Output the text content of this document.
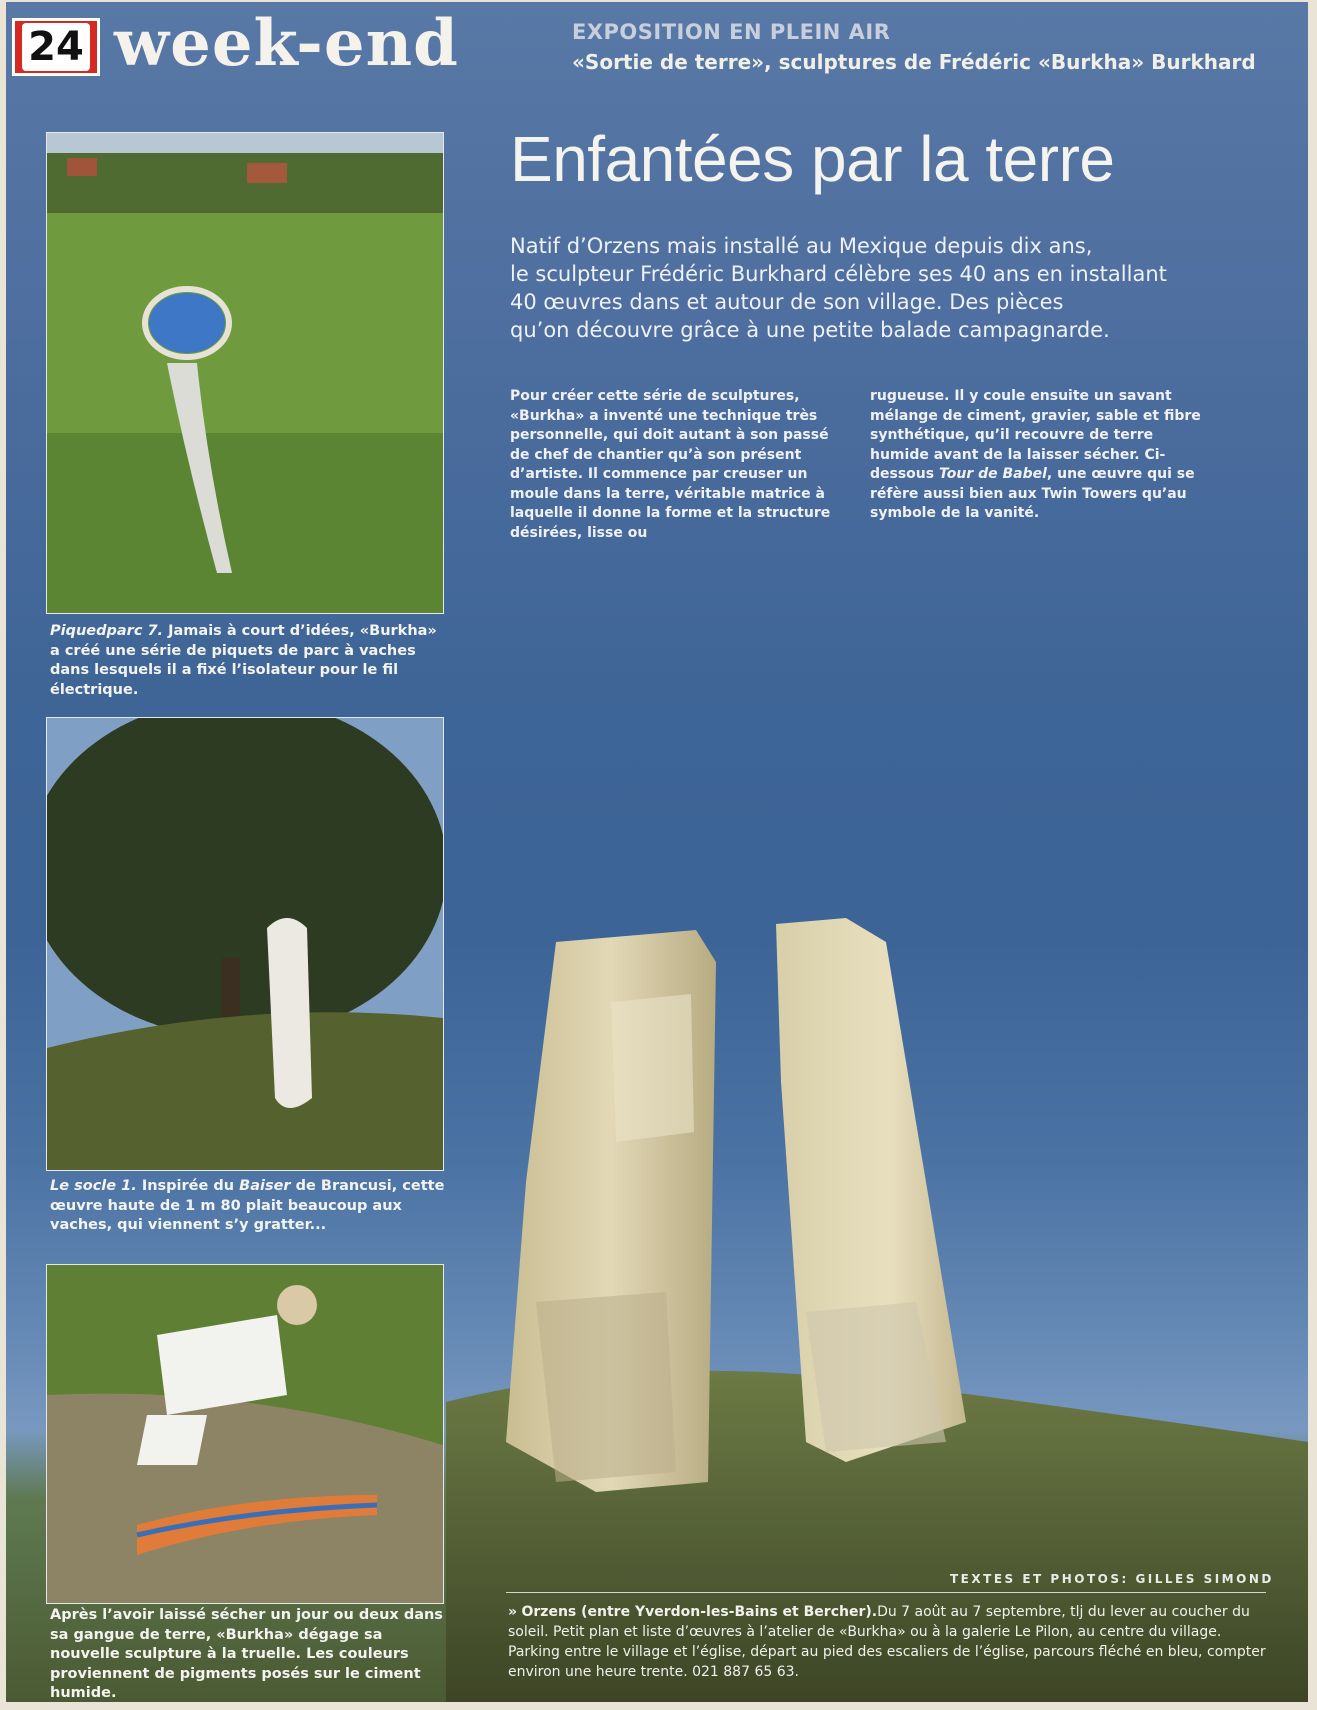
24 week-end	EXPOSITION EN PLEIN AIR
«Sortie de terre», sculptures de Frédéric «Burkha» Burkhard
Enfantées par la terre

Natif d’Orzens mais installé au Mexique depuis dix ans,

le sculpteur Frédéric Burkhard célèbre ses 40 ans en installant

40 œuvres dans et autour de son village. Des pièces

qu’on découvre grâce à une petite balade campagnarde.

Pour créer cette série de sculptures, «Burkha» a inventé une technique très personnelle, qui doit autant à son passé de chef de chantier qu’à son présent d’artiste. Il commence par creuser un moule dans la terre, véritable matrice à laquelle il donne la forme et la structure désirées, lisse ou
rugueuse. Il y coule ensuite un savant mélange de ciment, gravier, sable et fibre synthétique, qu’il recouvre de terre humide avant de la laisser sécher. Ci-dessous Tour de Babel, une œuvre qui se réfère aussi bien aux Twin Towers qu’au symbole de la vanité.
Piquedparc 7. Jamais à court d’idées, «Burkha» a créé une série de piquets de parc à vaches dans lesquels il a fixé l’isolateur pour le fil électrique.
Le socle 1. Inspirée du Baiser de Brancusi, cette œuvre haute de 1 m 80 plait beaucoup aux vaches, qui viennent s’y gratter...
Après l’avoir laissé sécher un jour ou deux dans sa gangue de terre, «Burkha» dégage sa nouvelle sculpture à la truelle. Les couleurs proviennent de pigments posés sur le ciment humide.
TEXTES ET PHOTOS: GILLES SIMOND
» Orzens (entre Yverdon-les-Bains et Bercher).Du 7 août au 7 septembre, tlj du lever au coucher du soleil. Petit plan et liste d’œuvres à l’atelier de «Burkha» ou à la galerie Le Pilon, au centre du village. Parking entre le village et l’église, départ au pied des escaliers de l’église, parcours fléché en bleu, compter environ une heure trente. 021 887 65 63.
